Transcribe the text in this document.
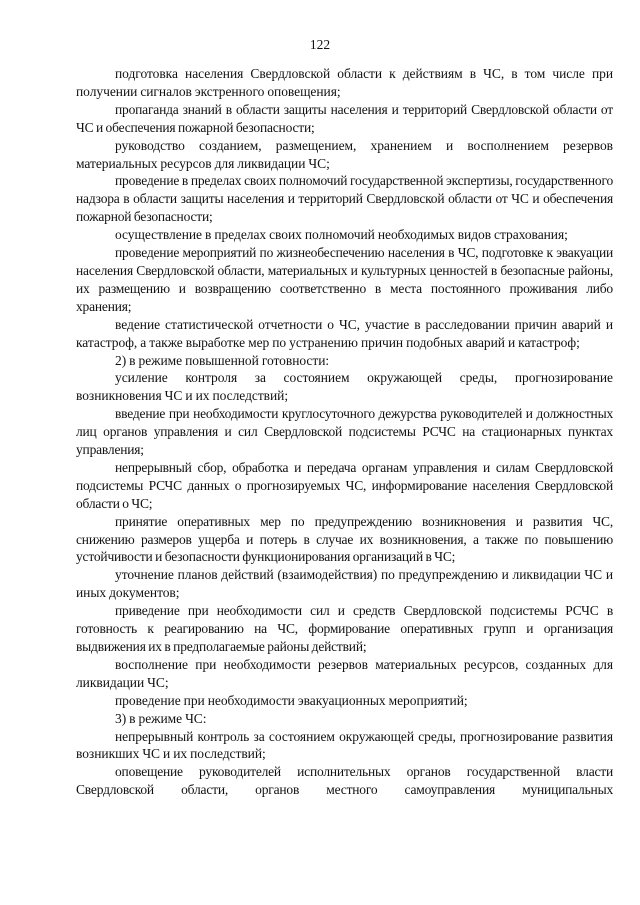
122

подготовка населения Свердловской области к действиям в ЧС, в том числе при получении сигналов экстренного оповещения;

пропаганда знаний в области защиты населения и территорий Свердловской области от ЧС и обеспечения пожарной безопасности;

руководство созданием, размещением, хранением и восполнением резервов материальных ресурсов для ликвидации ЧС;

проведение в пределах своих полномочий государственной экспертизы, государственного надзора в области защиты населения и территорий Свердловской области от ЧС и обеспечения пожарной безопасности;

осуществление в пределах своих полномочий необходимых видов страхования;

проведение мероприятий по жизнеобеспечению населения в ЧС, подготовке к эвакуации населения Свердловской области, материальных и культурных ценностей в безопасные районы, их размещению и возвращению соответственно в места постоянного проживания либо хранения;

ведение статистической отчетности о ЧС, участие в расследовании причин аварий и катастроф, а также выработке мер по устранению причин подобных аварий и катастроф;

2) в режиме повышенной готовности:

усиление контроля за состоянием окружающей среды, прогнозирование возникновения ЧС и их последствий;

введение при необходимости круглосуточного дежурства руководителей и должностных лиц органов управления и сил Свердловской подсистемы РСЧС на стационарных пунктах управления;

непрерывный сбор, обработка и передача органам управления и силам Свердловской подсистемы РСЧС данных о прогнозируемых ЧС, информирование населения Свердловской области о ЧС;

принятие оперативных мер по предупреждению возникновения и развития ЧС, снижению размеров ущерба и потерь в случае их возникновения, а также по повышению устойчивости и безопасности функционирования организаций в ЧС;

уточнение планов действий (взаимодействия) по предупреждению и ликвидации ЧС и иных документов;

приведение при необходимости сил и средств Свердловской подсистемы РСЧС в готовность к реагированию на ЧС, формирование оперативных групп и организация выдвижения их в предполагаемые районы действий;

восполнение при необходимости резервов материальных ресурсов, созданных для ликвидации ЧС;

проведение при необходимости эвакуационных мероприятий;

3) в режиме ЧС:

непрерывный контроль за состоянием окружающей среды, прогнозирование развития возникших ЧС и их последствий;

оповещение руководителей исполнительных органов государственной власти Свердловской области, органов местного самоуправления муниципальных
